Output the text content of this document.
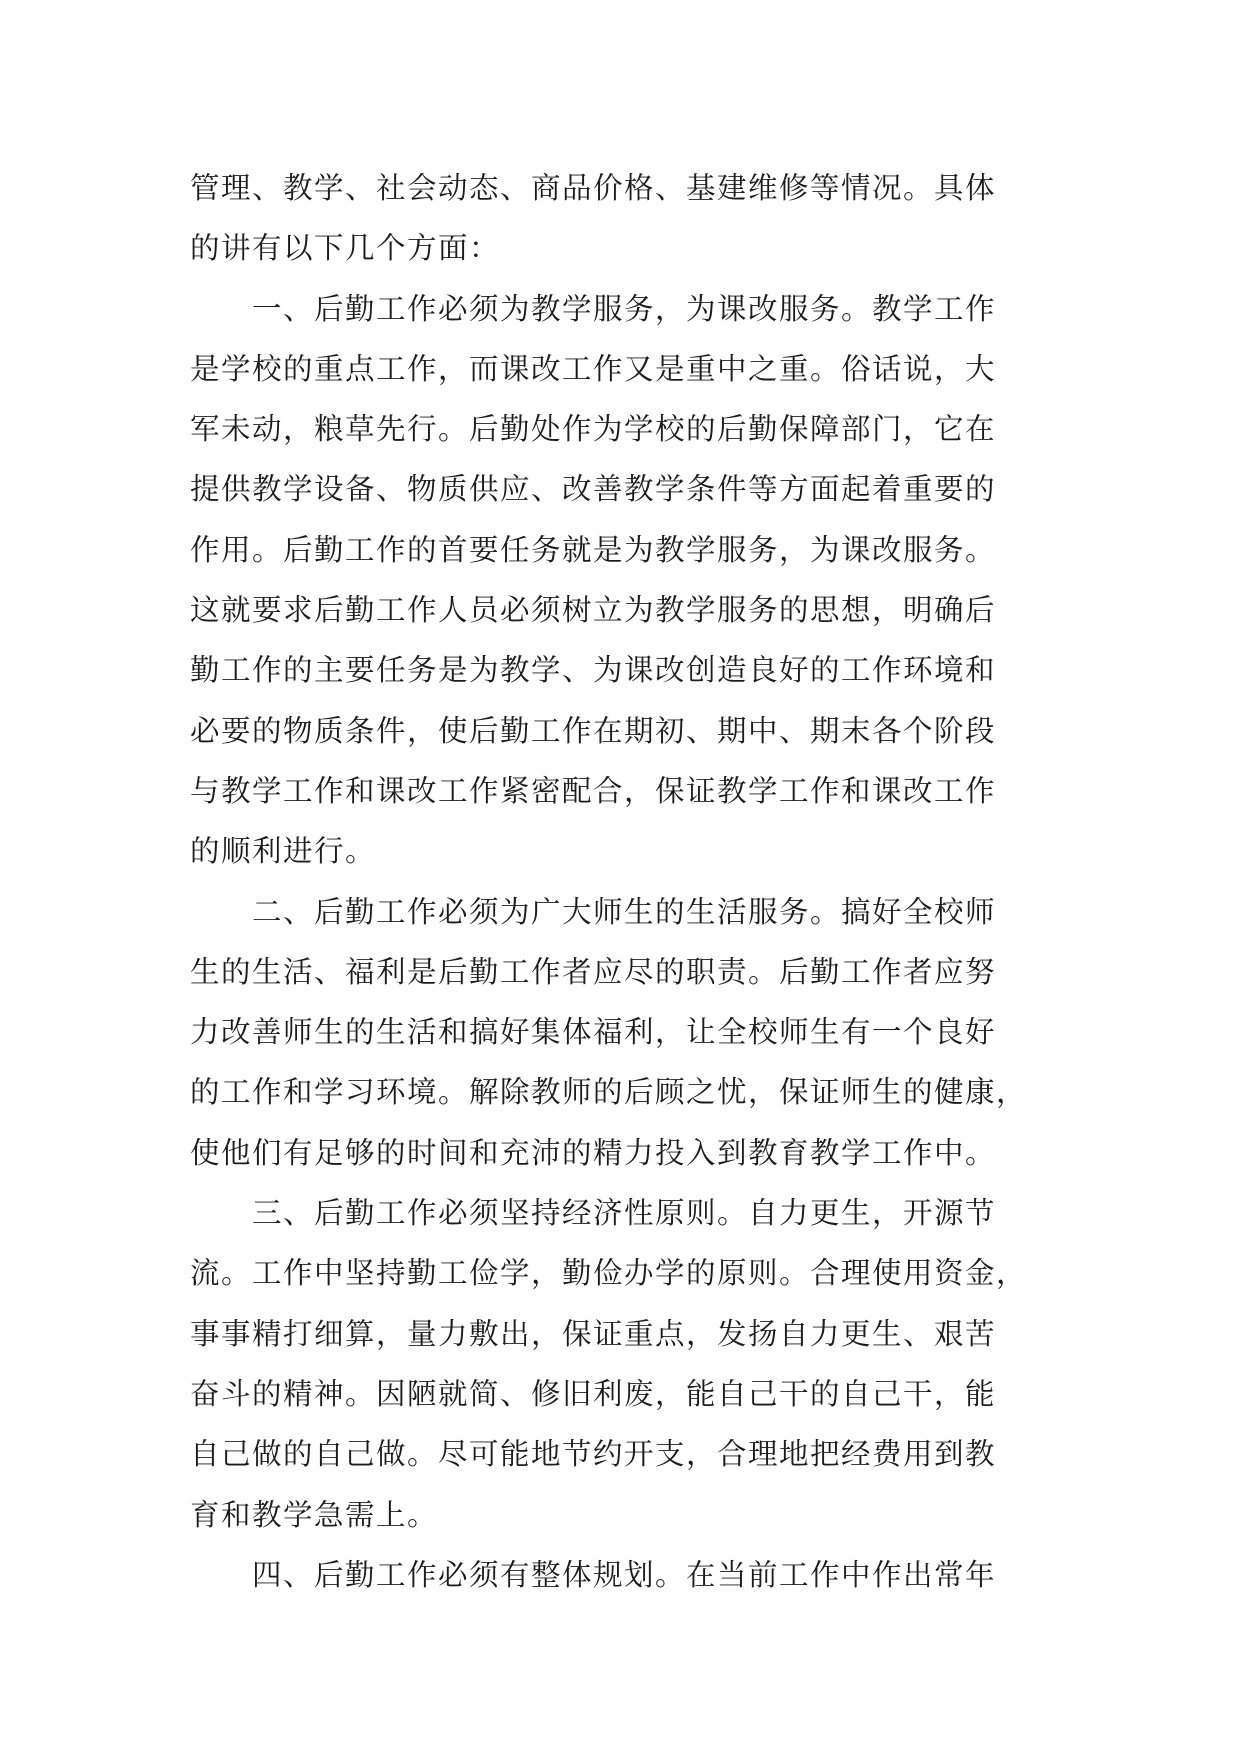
管理、教学、社会动态、商品价格、基建维修等情况。具体
的讲有以下几个方面：
一、后勤工作必须为教学服务，为课改服务。教学工作
是学校的重点工作，而课改工作又是重中之重。俗话说，大
军未动，粮草先行。后勤处作为学校的后勤保障部门，它在
提供教学设备、物质供应、改善教学条件等方面起着重要的
作用。后勤工作的首要任务就是为教学服务，为课改服务。
这就要求后勤工作人员必须树立为教学服务的思想，明确后
勤工作的主要任务是为教学、为课改创造良好的工作环境和
必要的物质条件，使后勤工作在期初、期中、期末各个阶段
与教学工作和课改工作紧密配合，保证教学工作和课改工作
的顺利进行。
二、后勤工作必须为广大师生的生活服务。搞好全校师
生的生活、福利是后勤工作者应尽的职责。后勤工作者应努
力改善师生的生活和搞好集体福利，让全校师生有一个良好
的工作和学习环境。解除教师的后顾之忧，保证师生的健康，
使他们有足够的时间和充沛的精力投入到教育教学工作中。
三、后勤工作必须坚持经济性原则。自力更生，开源节
流。工作中坚持勤工俭学，勤俭办学的原则。合理使用资金，
事事精打细算，量力敷出，保证重点，发扬自力更生、艰苦
奋斗的精神。因陋就简、修旧利废，能自己干的自己干，能
自己做的自己做。尽可能地节约开支，合理地把经费用到教
育和教学急需上。
四、后勤工作必须有整体规划。在当前工作中作出常年
